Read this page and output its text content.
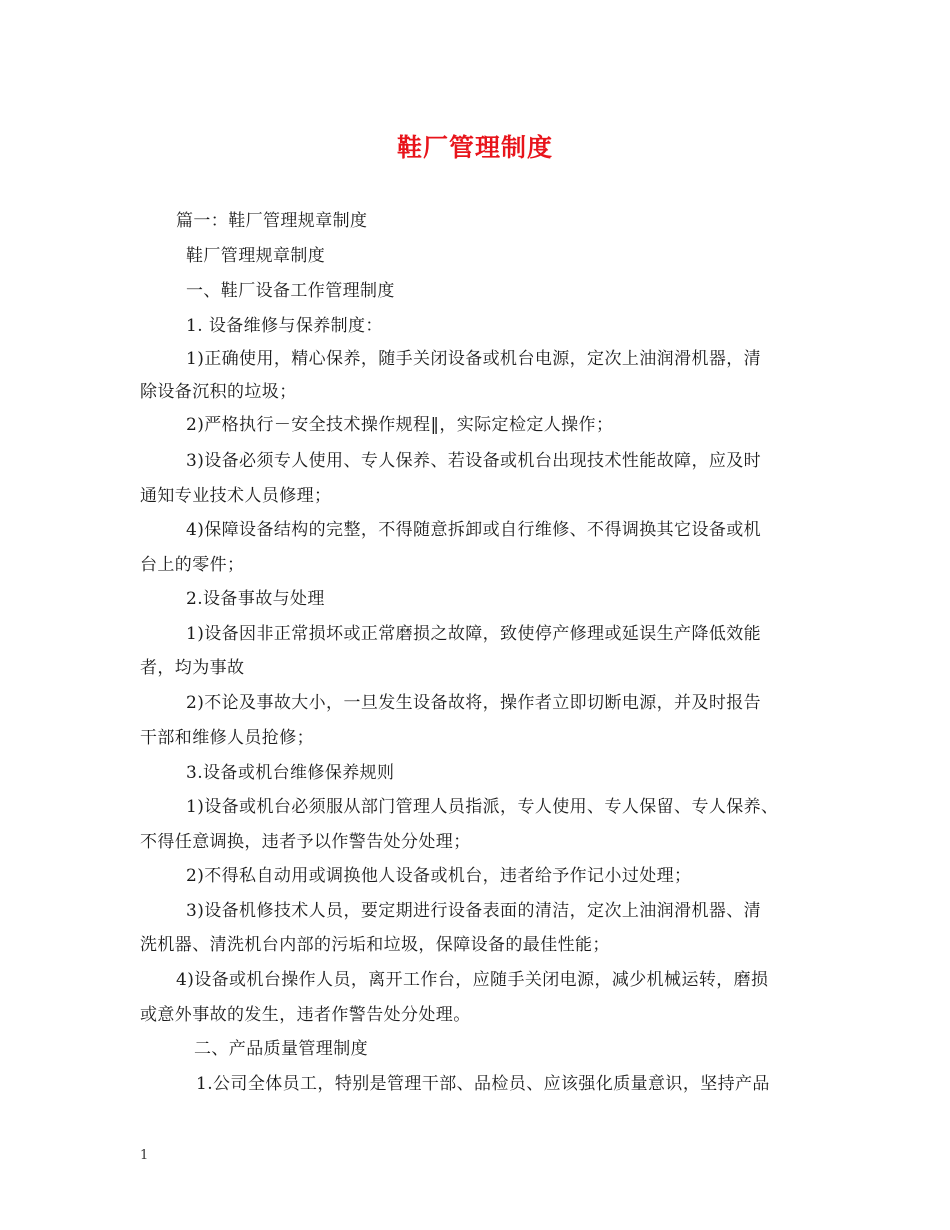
鞋厂管理制度
篇一：鞋厂管理规章制度
鞋厂管理规章制度
一、鞋厂设备工作管理制度
1. 设备维修与保养制度：
1)正确使用，精心保养，随手关闭设备或机台电源，定次上油润滑机器，清
除设备沉积的垃圾；
2)严格执行－安全技术操作规程‖，实际定检定人操作；
3)设备必须专人使用、专人保养、若设备或机台出现技术性能故障，应及时
通知专业技术人员修理；
4)保障设备结构的完整，不得随意拆卸或自行维修、不得调换其它设备或机
台上的零件；
2.设备事故与处理
1)设备因非正常损坏或正常磨损之故障，致使停产修理或延误生产降低效能
者，均为事故
2)不论及事故大小，一旦发生设备故将，操作者立即切断电源，并及时报告
干部和维修人员抢修；
3.设备或机台维修保养规则
1)设备或机台必须服从部门管理人员指派，专人使用、专人保留、专人保养、
不得任意调换，违者予以作警告处分处理；
2)不得私自动用或调换他人设备或机台，违者给予作记小过处理；
3)设备机修技术人员，要定期进行设备表面的清洁，定次上油润滑机器、清
洗机器、清洗机台内部的污垢和垃圾，保障设备的最佳性能；
4)设备或机台操作人员，离开工作台，应随手关闭电源，减少机械运转，磨损
或意外事故的发生，违者作警告处分处理。
二、产品质量管理制度
1.公司全体员工，特别是管理干部、品检员、应该强化质量意识，坚持产品
1
